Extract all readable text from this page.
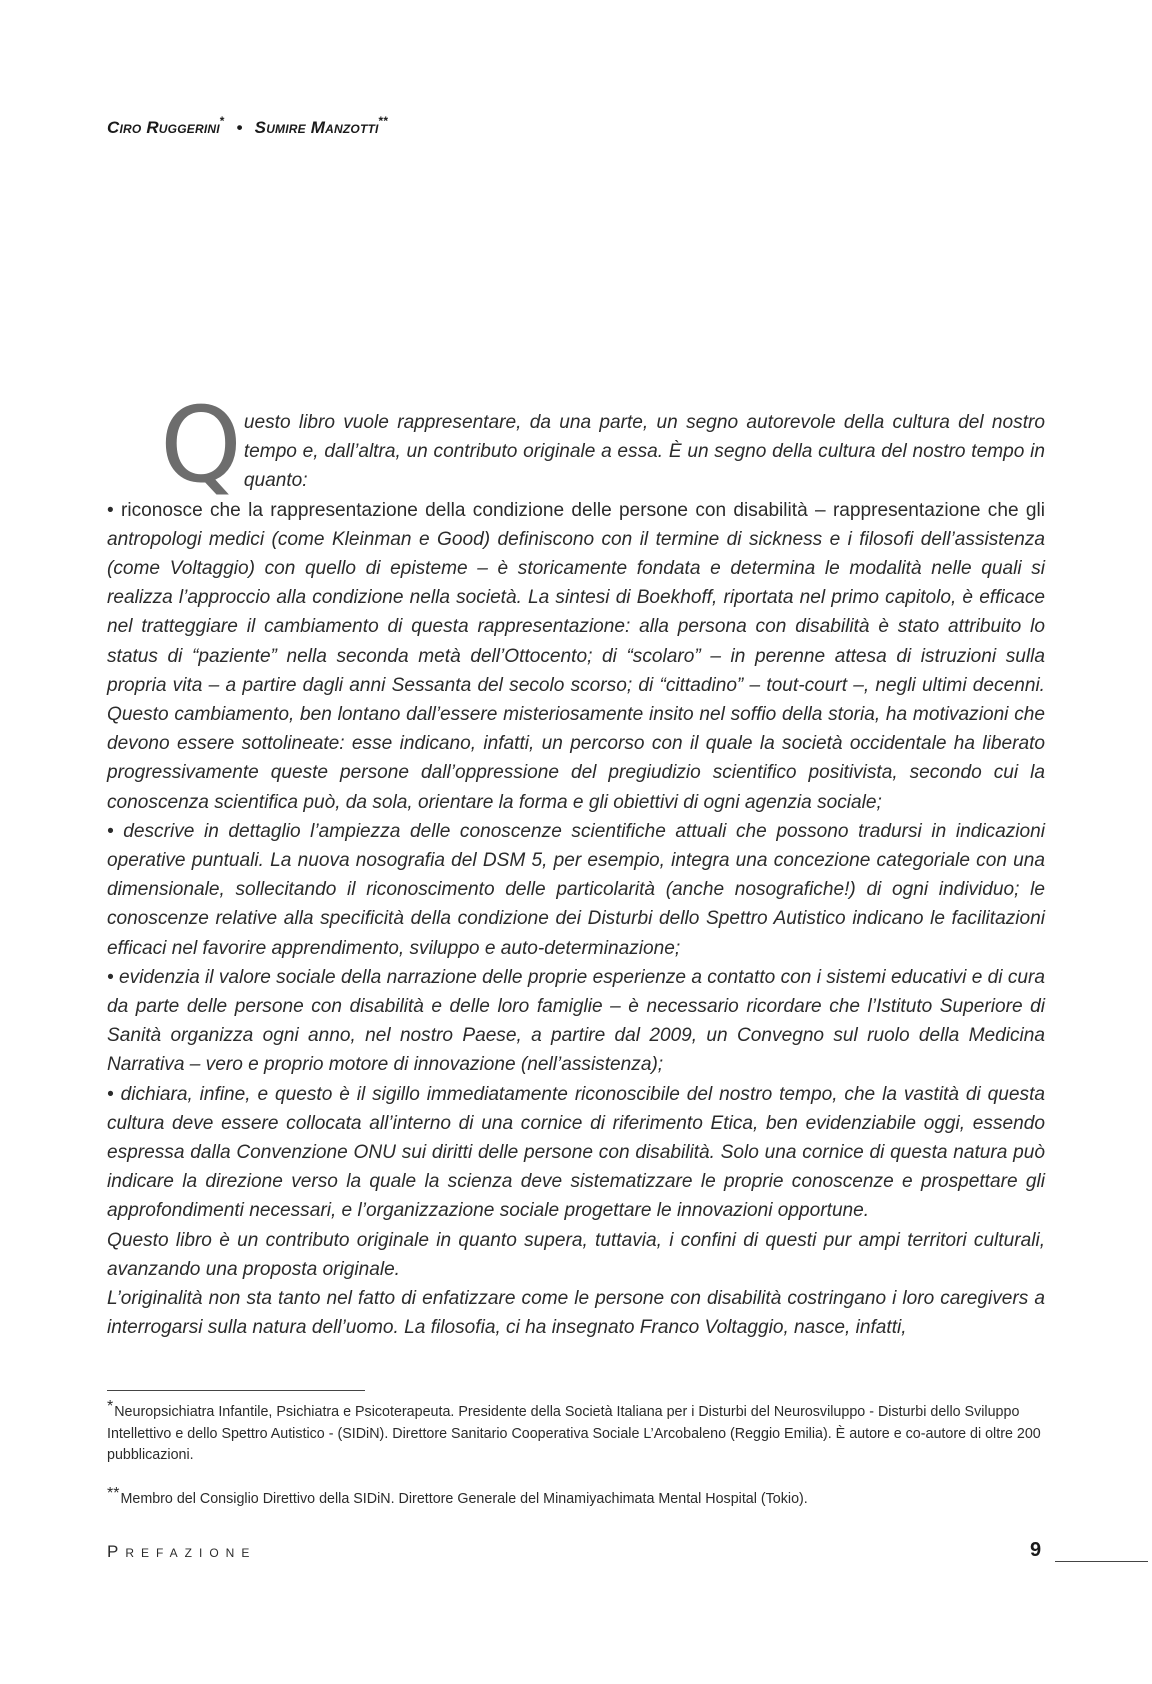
Ciro Ruggerini* • Sumire Manzotti**
Q uesto libro vuole rappresentare, da una parte, un segno autorevole della cultura del nostro tempo e, dall’altra, un contributo originale a essa. È un segno della cultura del nostro tempo in quanto:

• riconosce che la rappresentazione della condizione delle persone con disabilità – rappresentazione che gli antropologi medici (come Kleinman e Good) definiscono con il termine di sickness e i filosofi dell’assistenza (come Voltaggio) con quello di episteme – è storicamente fondata e determina le modalità nelle quali si realizza l’approccio alla condizione nella società. La sintesi di Boekhoff, riportata nel primo capitolo, è efficace nel tratteggiare il cambiamento di questa rappresentazione: alla persona con disabilità è stato attribuito lo status di “paziente” nella seconda metà dell’Ottocento; di “scolaro” – in perenne attesa di istruzioni sulla propria vita – a partire dagli anni Sessanta del secolo scorso; di “cittadino” – tout-court –, negli ultimi decenni. Questo cambiamento, ben lontano dall’essere misteriosamente insito nel soffio della storia, ha motivazioni che devono essere sottolineate: esse indicano, infatti, un percorso con il quale la società occidentale ha liberato progressivamente queste persone dall’oppressione del pregiudizio scientifico positivista, secondo cui la conoscenza scientifica può, da sola, orientare la forma e gli obiettivi di ogni agenzia sociale;

• descrive in dettaglio l’ampiezza delle conoscenze scientifiche attuali che possono tradursi in indicazioni operative puntuali. La nuova nosografia del DSM 5, per esempio, integra una concezione categoriale con una dimensionale, sollecitando il riconoscimento delle particolarità (anche nosografiche!) di ogni individuo; le conoscenze relative alla specificità della condizione dei Disturbi dello Spettro Autistico indicano le facilitazioni efficaci nel favorire apprendimento, sviluppo e auto-determinazione;

• evidenzia il valore sociale della narrazione delle proprie esperienze a contatto con i sistemi educativi e di cura da parte delle persone con disabilità e delle loro famiglie – è necessario ricordare che l’Istituto Superiore di Sanità organizza ogni anno, nel nostro Paese, a partire dal 2009, un Convegno sul ruolo della Medicina Narrativa – vero e proprio motore di innovazione (nell’assistenza);

• dichiara, infine, e questo è il sigillo immediatamente riconoscibile del nostro tempo, che la vastità di questa cultura deve essere collocata all’interno di una cornice di riferimento Etica, ben evidenziabile oggi, essendo espressa dalla Convenzione ONU sui diritti delle persone con disabilità. Solo una cornice di questa natura può indicare la direzione verso la quale la scienza deve sistematizzare le proprie conoscenze e prospettare gli approfondimenti necessari, e l’organizzazione sociale progettare le innovazioni opportune.

Questo libro è un contributo originale in quanto supera, tuttavia, i confini di questi pur ampi territori culturali, avanzando una proposta originale.

L’originalità non sta tanto nel fatto di enfatizzare come le persone con disabilità costringano i loro caregivers a interrogarsi sulla natura dell’uomo. La filosofia, ci ha insegnato Franco Voltaggio, nasce, infatti,

*Neuropsichiatra Infantile, Psichiatra e Psicoterapeuta. Presidente della Società Italiana per i Disturbi del Neurosviluppo - Disturbi dello Sviluppo Intellettivo e dello Spettro Autistico - (SIDiN). Direttore Sanitario Cooperativa Sociale L’Arcobaleno (Reggio Emilia). È autore e co-autore di oltre 200 pubblicazioni.

**Membro del Consiglio Direttivo della SIDiN. Direttore Generale del Minamiyachimata Mental Hospital (Tokio).

Prefazione	9
